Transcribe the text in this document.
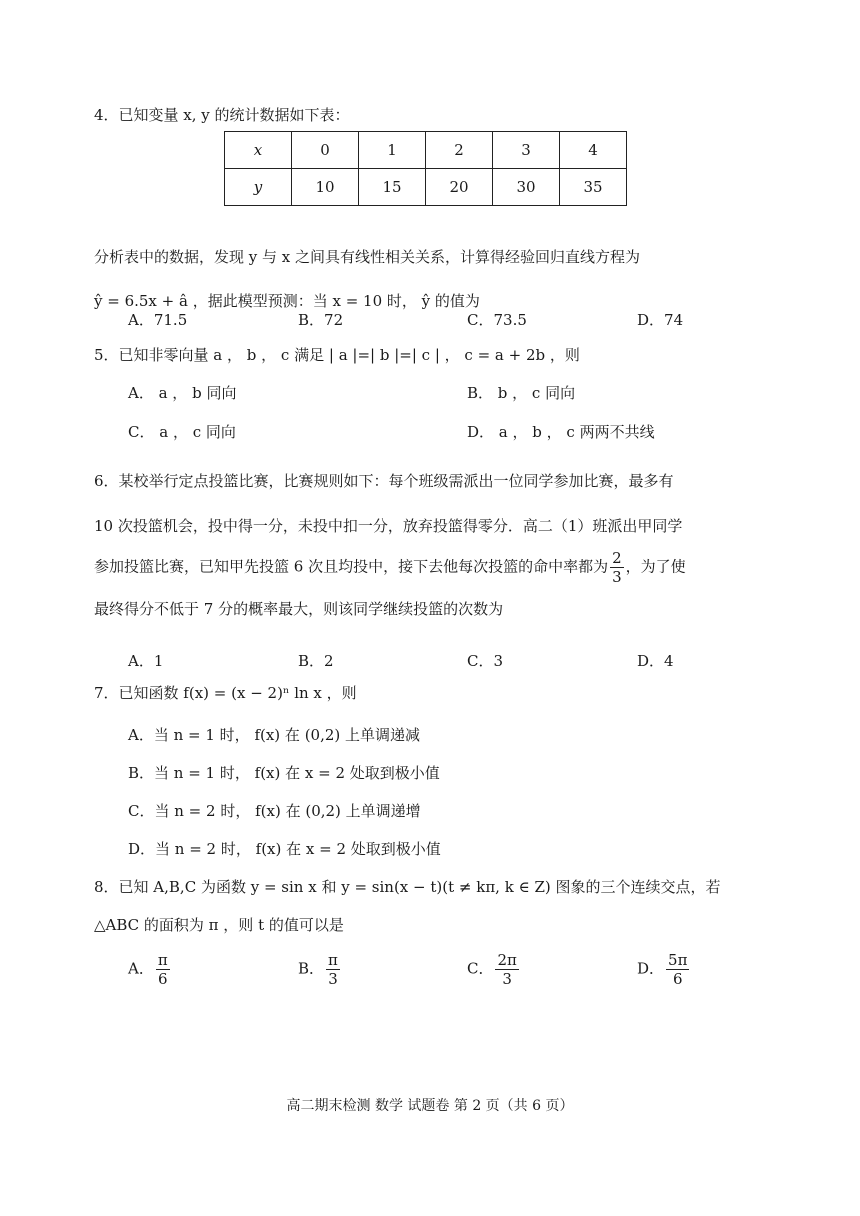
4．已知变量 x, y 的统计数据如下表：
x	0	1	2	3	4
y	10	15	20	30	35
分析表中的数据，发现 y 与 x 之间具有线性相关关系，计算得经验回归直线方程为
ŷ = 6.5x + â ，据此模型预测：当 x = 10 时， ŷ 的值为
A．71.5	B．72	C．73.5	D．74
5．已知非零向量 a ， b ， c 满足 | a |=| b |=| c | ， c = a + 2b ，则
A． a ， b 同向	B． b ， c 同向
C． a ， c 同向	D． a ， b ， c 两两不共线
6．某校举行定点投篮比赛，比赛规则如下：每个班级需派出一位同学参加比赛，最多有
10 次投篮机会，投中得一分，未投中扣一分，放弃投篮得零分．高二（1）班派出甲同学
参加投篮比赛，已知甲先投篮 6 次且均投中，接下去他每次投篮的命中率都为 $\frac{2}{3}$ ，为了使
最终得分不低于 7 分的概率最大，则该同学继续投篮的次数为
A．1	B．2	C．3	D．4
7．已知函数 f(x) = (x − 2)ⁿ ln x ，则
A．当 n = 1 时， f(x) 在 (0,2) 上单调递减
B．当 n = 1 时， f(x) 在 x = 2 处取到极小值
C．当 n = 2 时， f(x) 在 (0,2) 上单调递增
D．当 n = 2 时， f(x) 在 x = 2 处取到极小值
8．已知 A,B,C 为函数 y = sin x 和 y = sin(x − t)(t ≠ kπ, k ∈ Z) 图象的三个连续交点，若
△ABC 的面积为 π ，则 t 的值可以是
A． $\frac{\pi}{6}$	B． $\frac{\pi}{3}$	C． $\frac{2\pi}{3}$	D． $\frac{5\pi}{6}$
高二期末检测 数学 试题卷 第 2 页（共 6 页）
